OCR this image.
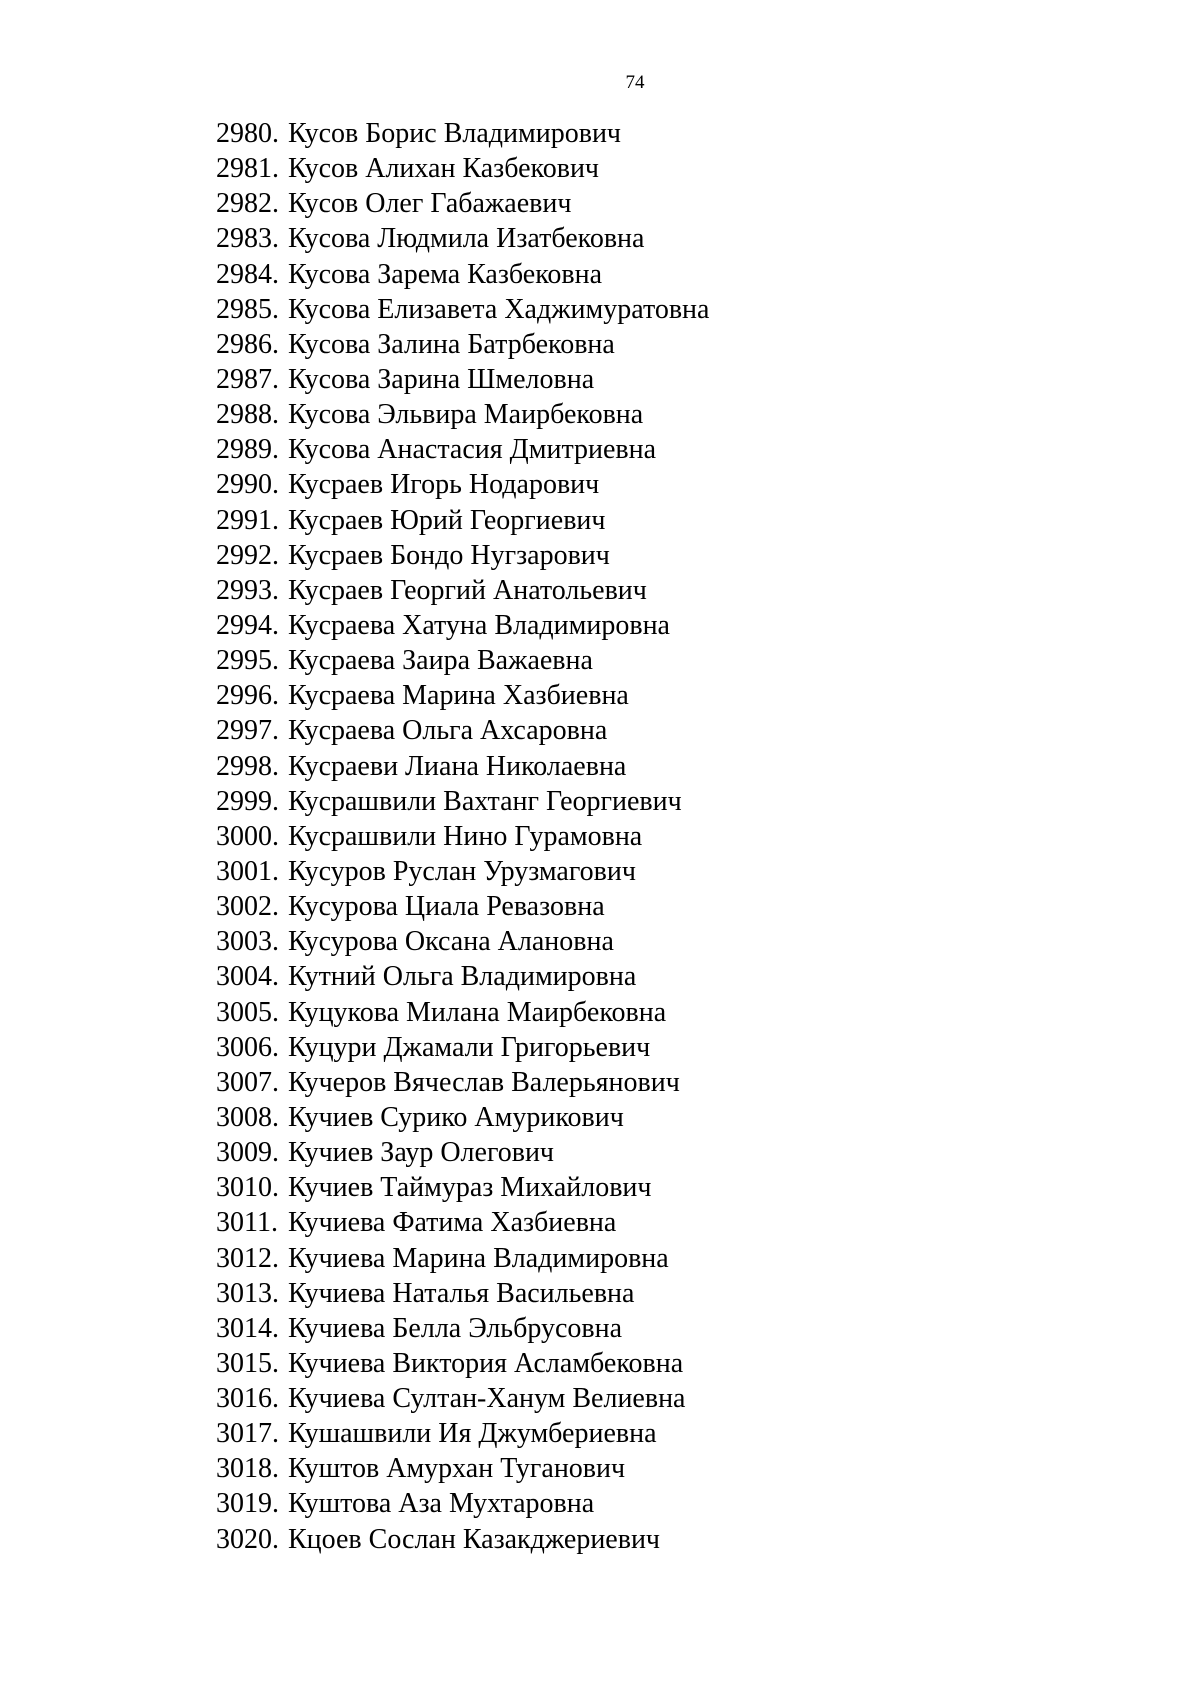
74
2980. Кусов Борис Владимирович
2981. Кусов Алихан Казбекович
2982. Кусов Олег Габажаевич
2983. Кусова Людмила Изатбековна
2984. Кусова Зарема Казбековна
2985. Кусова Елизавета Хаджимуратовна
2986. Кусова Залина Батрбековна
2987. Кусова Зарина Шмеловна
2988. Кусова Эльвира Маирбековна
2989. Кусова Анастасия Дмитриевна
2990. Кусраев Игорь Нодарович
2991. Кусраев Юрий Георгиевич
2992. Кусраев Бондо Нугзарович
2993. Кусраев Георгий Анатольевич
2994. Кусраева Хатуна Владимировна
2995. Кусраева Заира Важаевна
2996. Кусраева Марина Хазбиевна
2997. Кусраева Ольга Ахсаровна
2998. Кусраеви Лиана Николаевна
2999. Кусрашвили Вахтанг Георгиевич
3000. Кусрашвили Нино Гурамовна
3001. Кусуров Руслан Урузмагович
3002. Кусурова Циала Ревазовна
3003. Кусурова Оксана Алановна
3004. Кутний Ольга Владимировна
3005. Куцукова Милана Маирбековна
3006. Куцури Джамали Григорьевич
3007. Кучеров Вячеслав Валерьянович
3008. Кучиев Сурико Амурикович
3009. Кучиев Заур Олегович
3010. Кучиев Таймураз Михайлович
3011. Кучиева Фатима Хазбиевна
3012. Кучиева Марина Владимировна
3013. Кучиева Наталья Васильевна
3014. Кучиева Белла Эльбрусовна
3015. Кучиева Виктория Асламбековна
3016. Кучиева Султан-Ханум Велиевна
3017. Кушашвили Ия Джумбериевна
3018. Куштов Амурхан Туганович
3019. Куштова Аза Мухтаровна
3020. Кцоев Сослан Казакджериевич
